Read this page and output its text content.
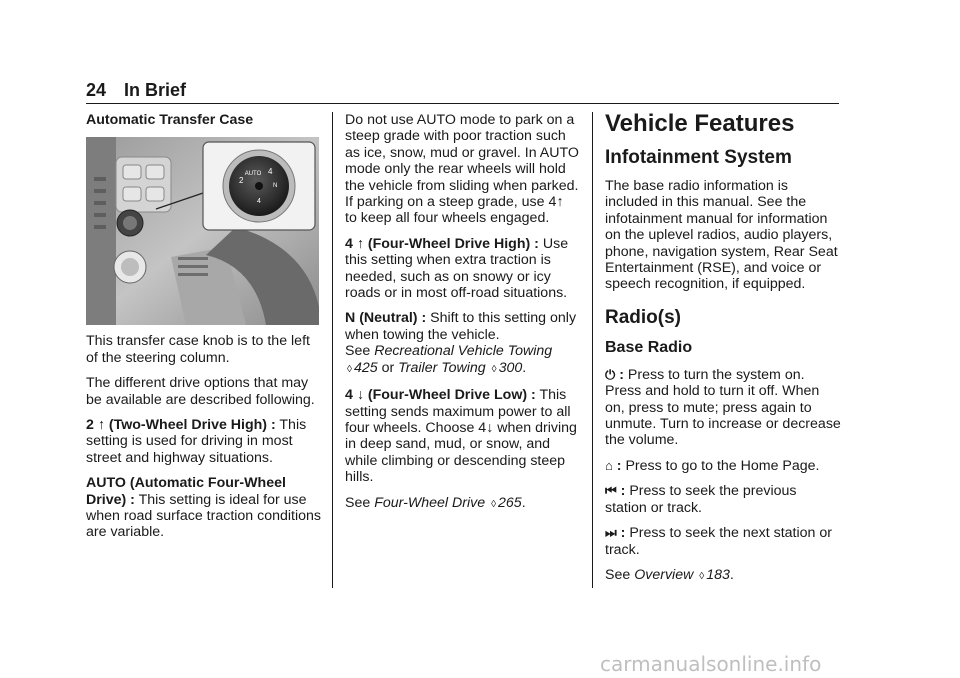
24 In Brief

Automatic Transfer Case

AUTO
2
4
N
4

This transfer case knob is to the left of the steering column.

The different drive options that may be available are described following.

2 ↑ (Two-Wheel Drive High) : This setting is used for driving in most street and highway situations.

AUTO (Automatic Four-Wheel Drive) : This setting is ideal for use when road surface traction conditions are variable.

Do not use AUTO mode to park on a steep grade with poor traction such as ice, snow, mud or gravel. In AUTO mode only the rear wheels will hold the vehicle from sliding when parked. If parking on a steep grade, use 4↑ to keep all four wheels engaged.

4 ↑ (Four-Wheel Drive High) : Use this setting when extra traction is needed, such as on snowy or icy roads or in most off-road situations.

N (Neutral) : Shift to this setting only when towing the vehicle.
See Recreational Vehicle Towing
◊ 425 or Trailer Towing ◊ 300.

4 ↓ (Four-Wheel Drive Low) : This setting sends maximum power to all four wheels. Choose 4↓ when driving in deep sand, mud, or snow, and while climbing or descending steep hills.

See Four-Wheel Drive ◊ 265.

Vehicle Features

Infotainment System

The base radio information is included in this manual. See the infotainment manual for information on the uplevel radios, audio players, phone, navigation system, Rear Seat Entertainment (RSE), and voice or speech recognition, if equipped.

Radio(s)

Base Radio

⏻ : Press to turn the system on. Press and hold to turn it off. When on, press to mute; press again to unmute. Turn to increase or decrease the volume.

⌂ : Press to go to the Home Page.

⏮ : Press to seek the previous station or track.

⏭ : Press to seek the next station or track.

See Overview ◊ 183.

carmanualsonline.info
